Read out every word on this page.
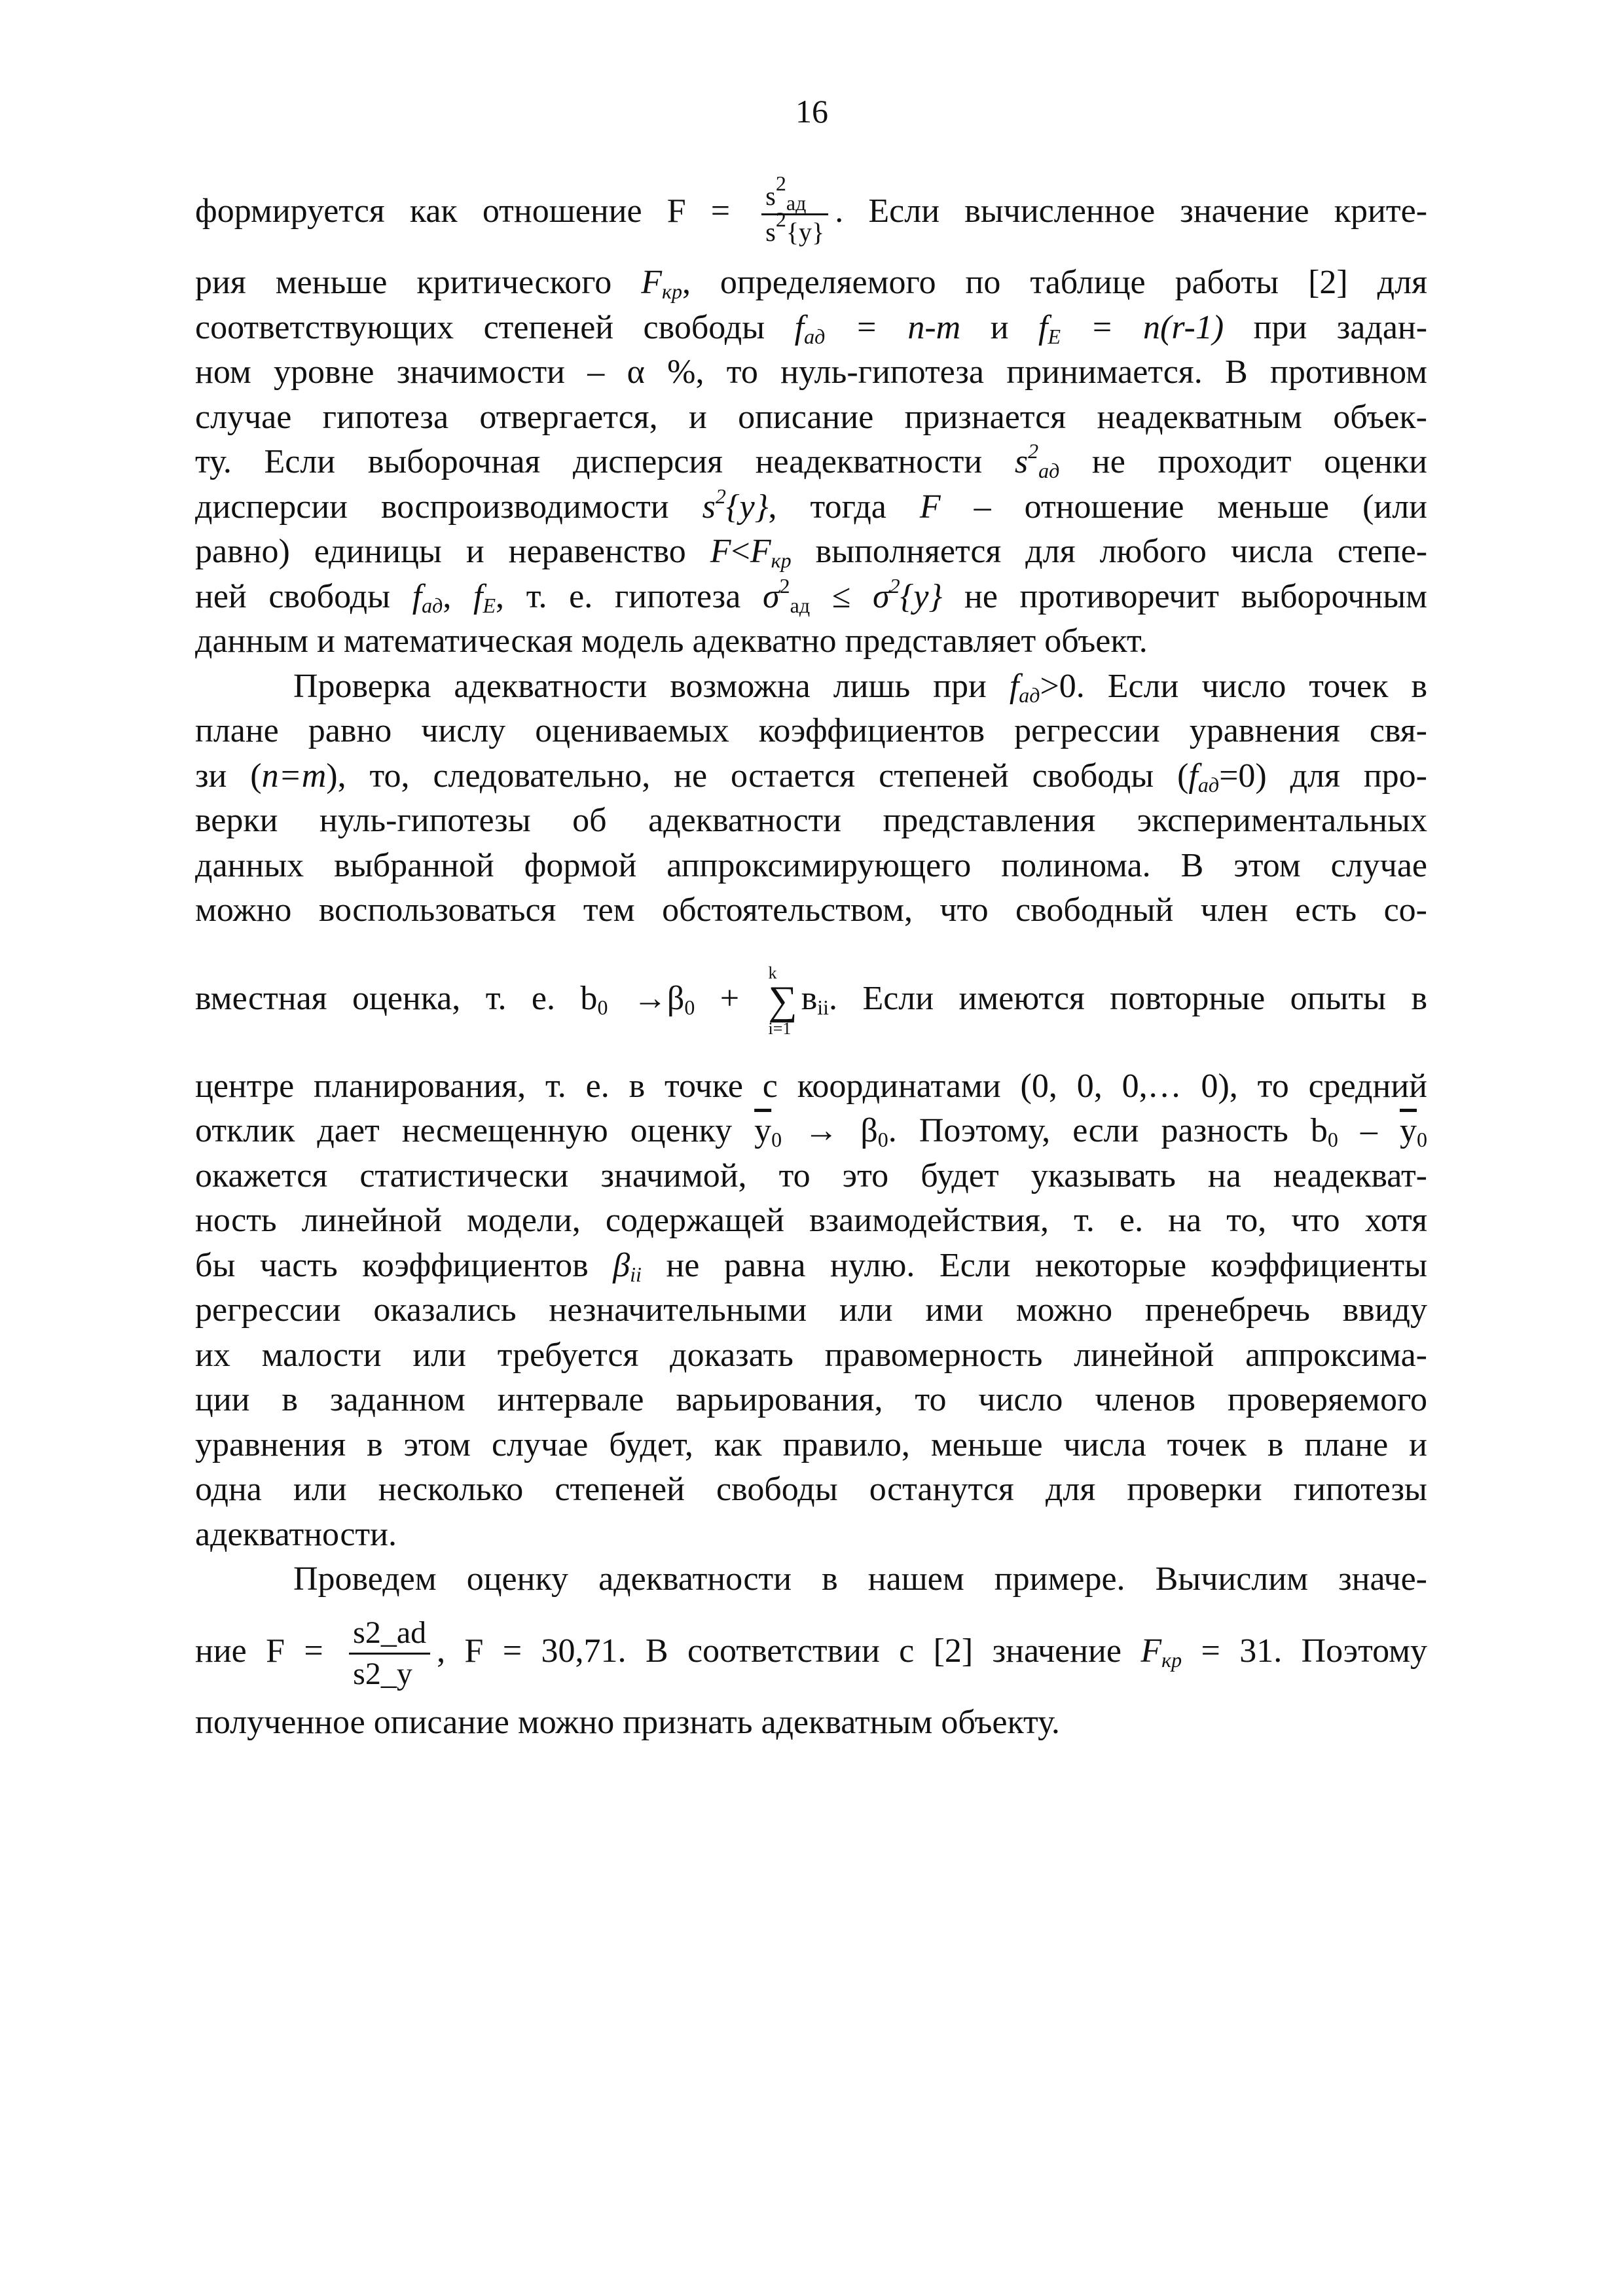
16
формируется как отношение $F = \frac{s^2_{ад}}{s^2\{y\}}$ . Если вычисленное значение крите-
рия меньше критического $F_{кр}$, определяемого по таблице работы [2] для
соответствующих степеней свободы $f_{ад} = n-m$ и $f_E = n(r-1)$ при задан-
ном уровне значимости – α %, то нуль-гипотеза принимается. В противном
случае гипотеза отвергается, и описание признается неадекватным объек-
ту. Если выборочная дисперсия неадекватности $s^2_{ад}$ не проходит оценки
дисперсии воспроизводимости $s^2\{y\}$, тогда F – отношение меньше (или
равно) единицы и неравенство $F<F_{кр}$ выполняется для любого числа степе-
ней свободы $f_{ад}$, $f_E$, т. е. гипотеза $\sigma^2_{ад} \le \sigma^2\{y\}$ не противоречит выборочным
данным и математическая модель адекватно представляет объект.
Проверка адекватности возможна лишь при $f_{ад}>0$. Если число точек в
плане равно числу оцениваемых коэффициентов регрессии уравнения свя-
зи (n=m), то, следовательно, не остается степеней свободы $(f_{ад}=0)$ для про-
верки нуль-гипотезы об адекватности представления экспериментальных
данных выбранной формой аппроксимирующего полинома. В этом случае
можно воспользоваться тем обстоятельством, что свободный член есть со-
вместная оценка, т. е. $b_0 \to\beta_0$ +
k
∑
i=1
$в_{ii}$. Если имеются повторные опыты в
центре планирования, т. е. в точке с координатами (0, 0, 0,… 0), то средний
отклик дает несмещенную оценку $\overline{y}_0 \to \beta_0$. Поэтому, если разность $b_0 - \overline{y}_0$
окажется статистически значимой, то это будет указывать на неадекват-
ность линейной модели, содержащей взаимодействия, т. е. на то, что хотя
бы часть коэффициентов $\beta_{ii}$ не равна нулю. Если некоторые коэффициенты
регрессии оказались незначительными или ими можно пренебречь ввиду
их малости или требуется доказать правомерность линейной аппроксима-
ции в заданном интервале варьирования, то число членов проверяемого
уравнения в этом случае будет, как правило, меньше числа точек в плане и
одна или несколько степеней свободы останутся для проверки гипотезы
адекватности.
Проведем оценку адекватности в нашем примере. Вычислим значе-
ние $F = \frac{s2\_ad}{s2\_y}$ , F = 30,71. В соответствии с [2] значение $F_{кр} = 31$. Поэтому
полученное описание можно признать адекватным объекту.
